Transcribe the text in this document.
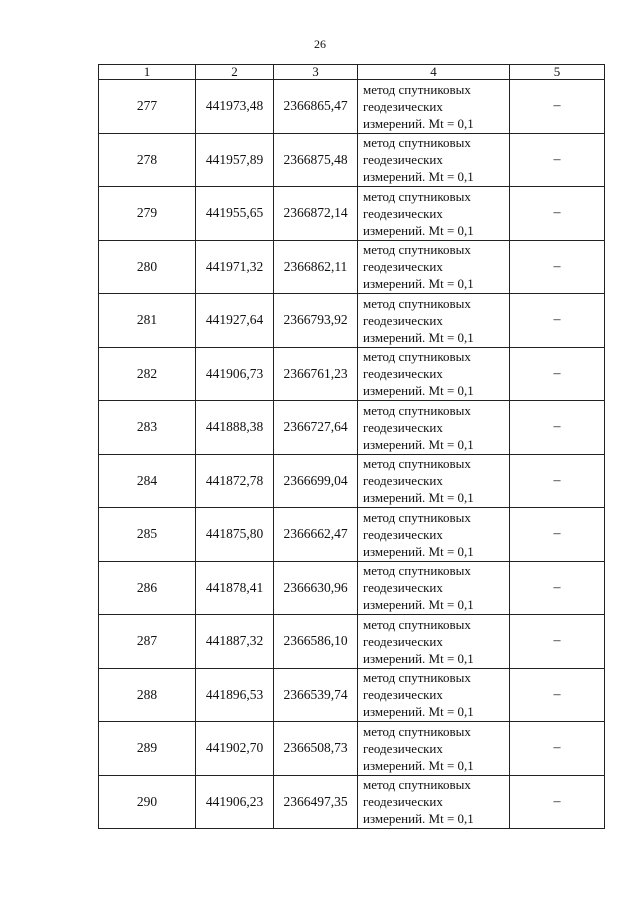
26
1	2	3	4	5
277	441973,48	2366865,47	метод спутниковых
геодезических
измерений. Mt = 0,1	–
278	441957,89	2366875,48	метод спутниковых
геодезических
измерений. Mt = 0,1	–
279	441955,65	2366872,14	метод спутниковых
геодезических
измерений. Mt = 0,1	–
280	441971,32	2366862,11	метод спутниковых
геодезических
измерений. Mt = 0,1	–
281	441927,64	2366793,92	метод спутниковых
геодезических
измерений. Mt = 0,1	–
282	441906,73	2366761,23	метод спутниковых
геодезических
измерений. Mt = 0,1	–
283	441888,38	2366727,64	метод спутниковых
геодезических
измерений. Mt = 0,1	–
284	441872,78	2366699,04	метод спутниковых
геодезических
измерений. Mt = 0,1	–
285	441875,80	2366662,47	метод спутниковых
геодезических
измерений. Mt = 0,1	–
286	441878,41	2366630,96	метод спутниковых
геодезических
измерений. Mt = 0,1	–
287	441887,32	2366586,10	метод спутниковых
геодезических
измерений. Mt = 0,1	–
288	441896,53	2366539,74	метод спутниковых
геодезических
измерений. Mt = 0,1	–
289	441902,70	2366508,73	метод спутниковых
геодезических
измерений. Mt = 0,1	–
290	441906,23	2366497,35	метод спутниковых
геодезических
измерений. Mt = 0,1	–
